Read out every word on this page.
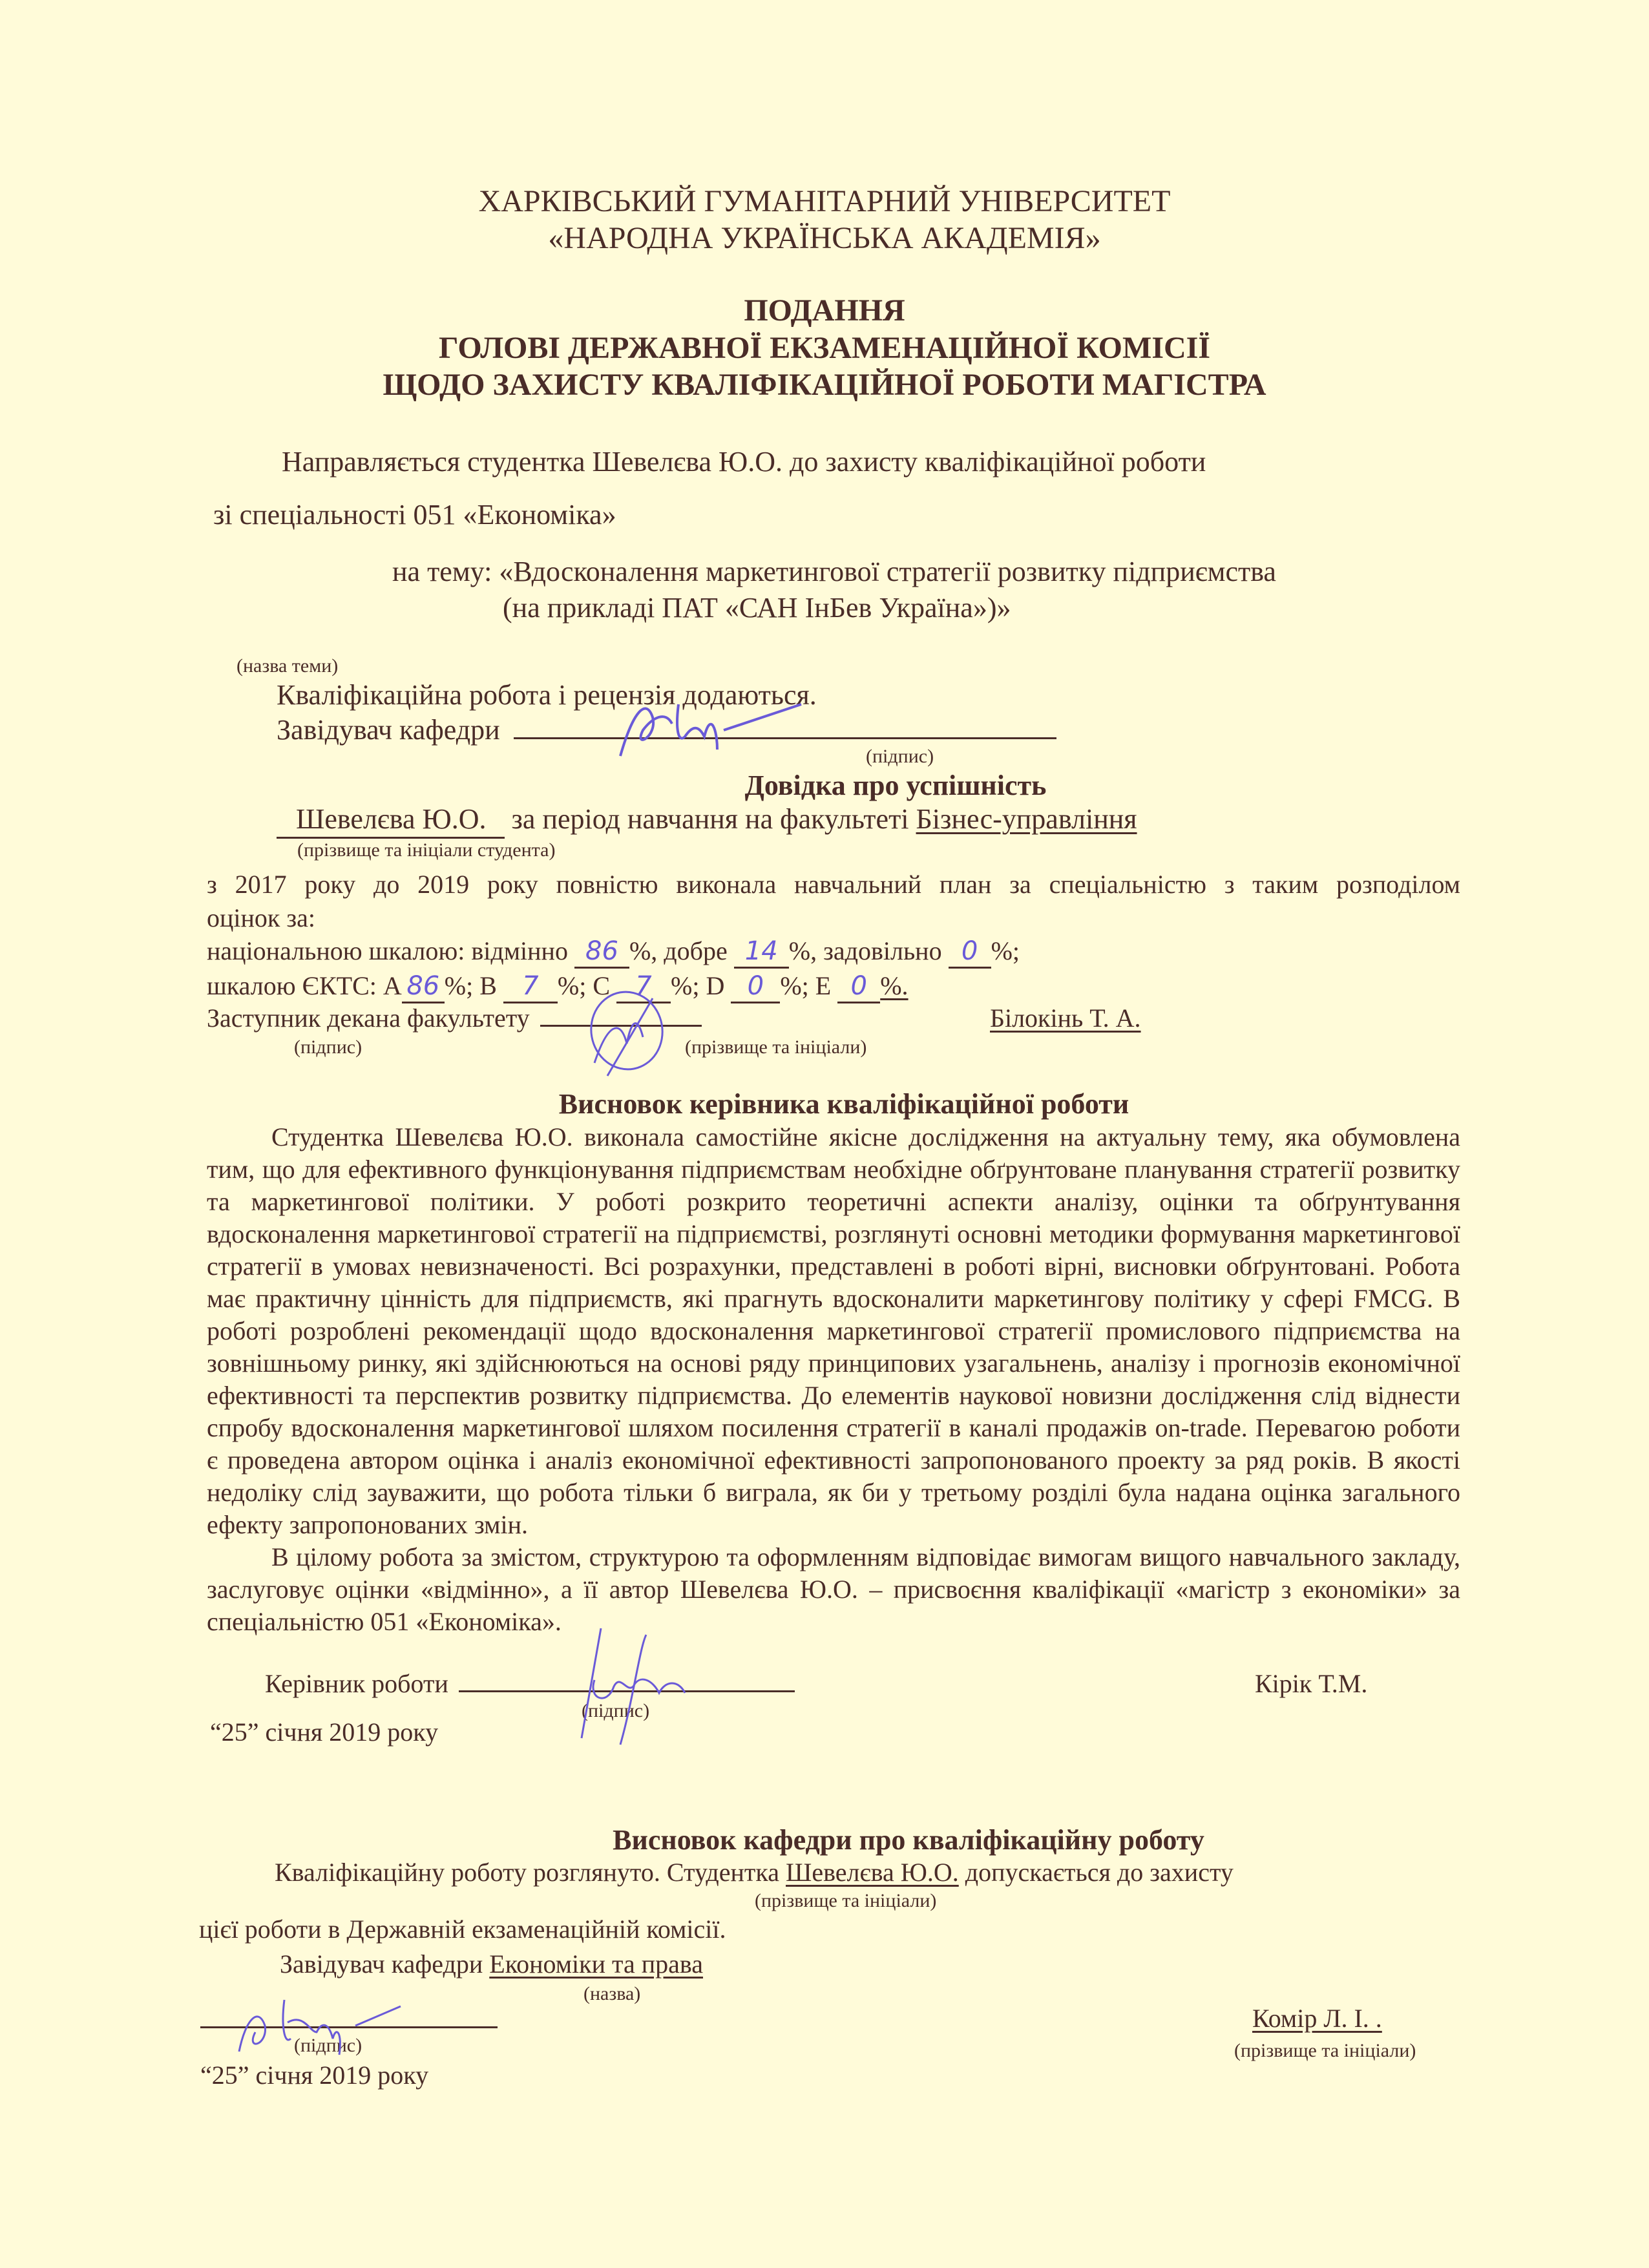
ХАРКІВСЬКИЙ ГУМАНІТАРНИЙ УНІВЕРСИТЕТ
«НАРОДНА УКРАЇНСЬКА АКАДЕМІЯ»
ПОДАННЯ
ГОЛОВІ ДЕРЖАВНОЇ ЕКЗАМЕНАЦІЙНОЇ КОМІСІЇ
ЩОДО ЗАХИСТУ КВАЛІФІКАЦІЙНОЇ РОБОТИ МАГІСТРА
Направляється студентка Шевелєва Ю.О. до захисту кваліфікаційної роботи
зі спеціальності 051 «Економіка»
на тему: «Вдосконалення маркетингової стратегії розвитку підприємства
(на прикладі ПАТ «САН ІнБев Україна»)»
(назва теми)
Кваліфікаційна робота і рецензія додаються.
Завідувач кафедри
(підпис)
Довідка про успішність
Шевелєва Ю.О. за період навчання на факультеті Бізнес-управління
(прізвище та ініціали студента)
з 2017 року до 2019 року повністю виконала навчальний план за спеціальністю з таким розподілом
оцінок за:
національною шкалою: відмінно 86 %, добре 14 %, задовільно 0 %;
шкалою ЄКТС: А 86 %; В 7 %; С 7 %; D 0 %; Е 0 %.
Заступник декана факультету	Білокінь Т. А.
(підпис)	(прізвище та ініціали)
Висновок керівника кваліфікаційної роботи

Студентка Шевелєва Ю.О. виконала самостійне якісне дослідження на актуальну тему, яка обумовлена тим, що для ефективного функціонування підприємствам необхідне обґрунтоване планування стратегії розвитку та маркетингової політики. У роботі розкрито теоретичні аспекти аналізу, оцінки та обґрунтування вдосконалення маркетингової стратегії на підприємстві, розглянуті основні методики формування маркетингової стратегії в умовах невизначеності. Всі розрахунки, представлені в роботі вірні, висновки обґрунтовані. Робота має практичну цінність для підприємств, які прагнуть вдосконалити маркетингову політику у сфері FMCG. В роботі розроблені рекомендації щодо вдосконалення маркетингової стратегії промислового підприємства на зовнішньому ринку, які здійснюються на основі ряду принципових узагальнень, аналізу і прогнозів економічної ефективності та перспектив розвитку підприємства. До елементів наукової новизни дослідження слід віднести спробу вдосконалення маркетингової шляхом посилення стратегії в каналі продажів on-trade. Перевагою роботи є проведена автором оцінка і аналіз економічної ефективності запропонованого проекту за ряд років. В якості недоліку слід зауважити, що робота тільки б виграла, як би у третьому розділі була надана оцінка загального ефекту запропонованих змін.

В цілому робота за змістом, структурою та оформленням відповідає вимогам вищого навчального закладу, заслуговує оцінки «відмінно», а її автор Шевелєва Ю.О. – присвоєння кваліфікації «магістр з економіки» за спеціальністю 051 «Економіка».

Керівник роботи	Кірік Т.М.
(підпис)
“25” січня 2019 року
Висновок кафедри про кваліфікаційну роботу
Кваліфікаційну роботу розглянуто. Студентка Шевелєва Ю.О. допускається до захисту
(прізвище та ініціали)
цієї роботи в Державній екзаменаційній комісії.
Завідувач кафедри Економіки та права
(назва)
(підпис)
Комір Л. І. .
(прізвище та ініціали)
“25” січня 2019 року
